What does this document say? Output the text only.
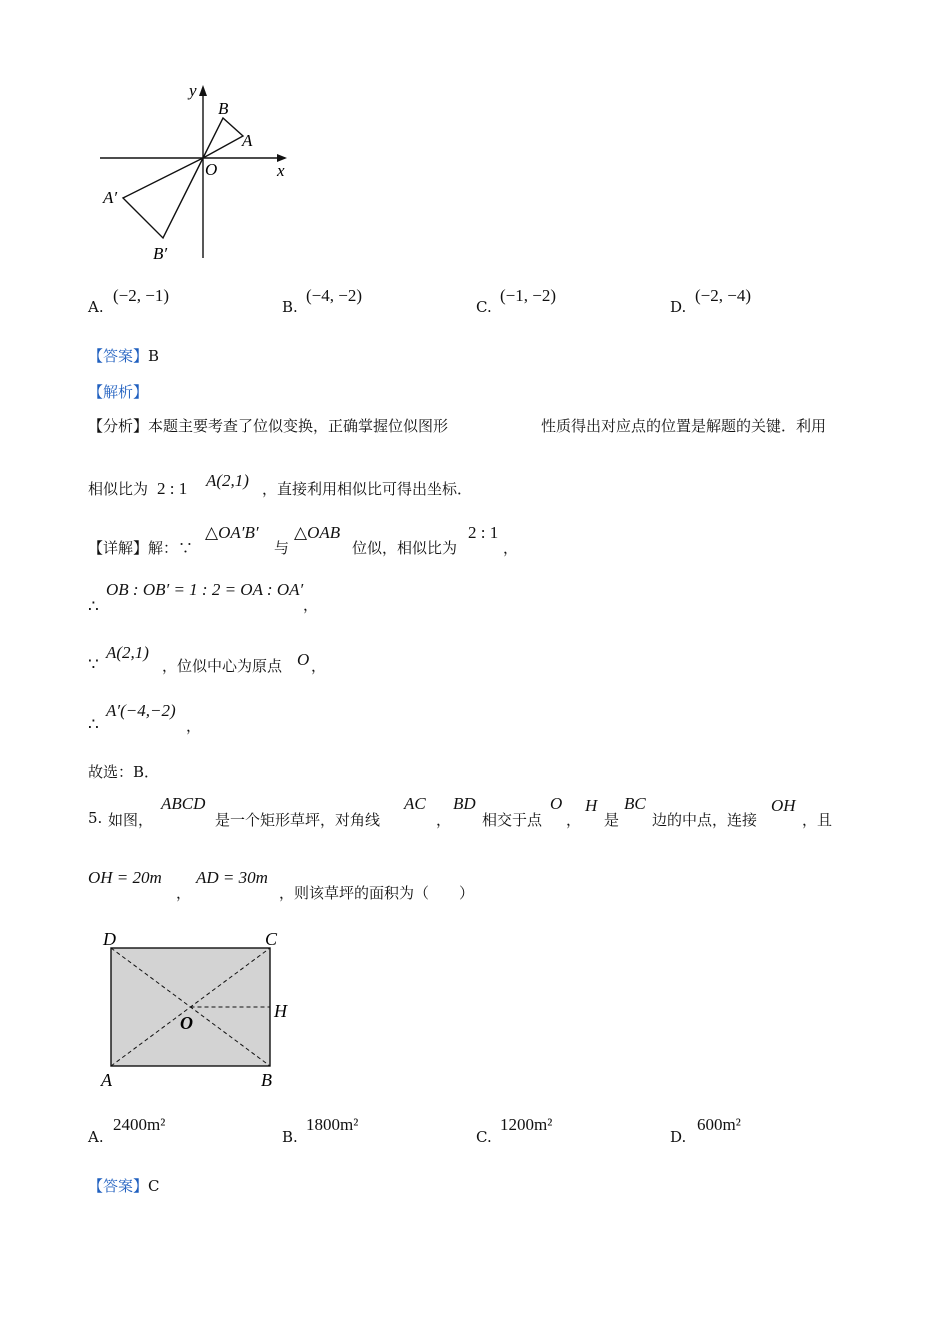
y
x
O
A
B
A′
B′
A.
(−2, −1)
B.
(−4, −2)
C.
(−1, −2)
D.
(−2, −4)
【答案】B
【解析】
【分析】本题主要考查了位似变换，正确掌握位似图形	性质得出对应点的位置是解题的关键．利用
相似比为 2 : 1 A(2,1) ，直接利用相似比可得出坐标．
【详解】解：∵
△OA′B′
与
△OAB
位似，相似比为
2 : 1
，
∴
OB : OB′ = 1 : 2 = OA : OA′
，
∵
A(2,1)
，位似中心为原点 O ，
∴
A′(−4,−2)
，
故选：B．
5. 如图，
ABCD
是一个矩形草坪，对角线
AC
，
BD
相交于点
O
，
H
是
BC
边的中点，连接
OH
，且
OH = 20m
，
AD = 30m
，则该草坪的面积为（　　）
D	C
H
O
A	B
A.
2400m²
B.
1800m²
C.
1200m²
D.
600m²
【答案】C
